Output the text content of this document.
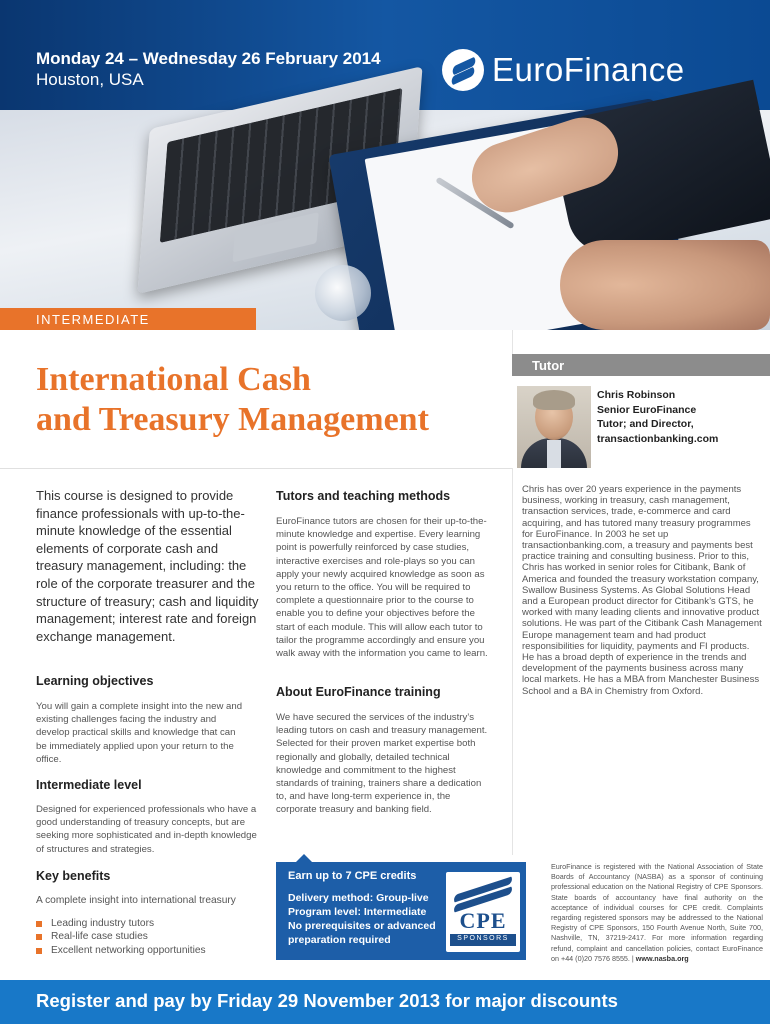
Monday 24 – Wednesday 26 February 2014
Houston, USA	EuroFinance
INTERMEDIATE
International Cash
and Treasury Management
Tutor
Chris Robinson
Senior EuroFinance
Tutor; and Director,
transactionbanking.com

Chris has over 20 years experience in the payments business, working in treasury, cash management, transaction services, trade, e-commerce and card acquiring, and has tutored many treasury programmes for EuroFinance. In 2003 he set up transactionbanking.com, a treasury and payments best practice training and consulting business. Prior to this, Chris has worked in senior roles for Citibank, Bank of America and founded the treasury workstation company, Swallow Business Systems. As Global Solutions Head and a European product director for Citibank’s GTS, he worked with many leading clients and innovative product solutions. He was part of the Citibank Cash Management Europe management team and had product responsibilities for liquidity, payments and FI products. He has a broad depth of experience in the trends and development of the payments business across many local markets. He has a MBA from Manchester Business School and a BA in Chemistry from Oxford.

This course is designed to provide finance professionals with up-to-the-minute knowledge of the essential elements of corporate cash and treasury management, including: the role of the corporate treasurer and the structure of treasury; cash and liquidity management; interest rate and foreign exchange management.

Learning objectives

You will gain a complete insight into the new and existing challenges facing the industry and develop practical skills and knowledge that can be immediately applied upon your return to the office.

Intermediate level

Designed for experienced professionals who have a good understanding of treasury concepts, but are seeking more sophisticated and in-depth knowledge of structures and strategies.

Key benefits

A complete insight into international treasury

Leading industry tutors
Real-life case studies
Excellent networking opportunities
Tutors and teaching methods

EuroFinance tutors are chosen for their up-to-the-minute knowledge and expertise. Every learning point is powerfully reinforced by case studies, interactive exercises and role-plays so you can apply your newly acquired knowledge as soon as you return to the office. You will be required to complete a questionnaire prior to the course to enable you to define your objectives before the start of each module. This will allow each tutor to tailor the programme accordingly and ensure you walk away with the information you came to learn.

About EuroFinance training

We have secured the services of the industry’s leading tutors on cash and treasury management. Selected for their proven market expertise both regionally and globally, detailed technical knowledge and commitment to the highest standards of training, trainers share a dedication to, and have long-term experience in, the corporate treasury and banking field.

Earn up to 7 CPE credits
Delivery method: Group-live
Program level: Intermediate
No prerequisites or advanced
preparation required
CPE
SPONSORS

EuroFinance is registered with the National Association of State Boards of Accountancy (NASBA) as a sponsor of continuing professional education on the National Registry of CPE Sponsors. State boards of accountancy have final authority on the acceptance of individual courses for CPE credit. Complaints regarding registered sponsors may be addressed to the National Registry of CPE Sponsors, 150 Fourth Avenue North, Suite 700, Nashville, TN, 37219-2417. For more information regarding refund, complaint and cancellation policies, contact EuroFinance on +44 (0)20 7576 8555. | www.nasba.org

Register and pay by Friday 29 November 2013 for major discounts
